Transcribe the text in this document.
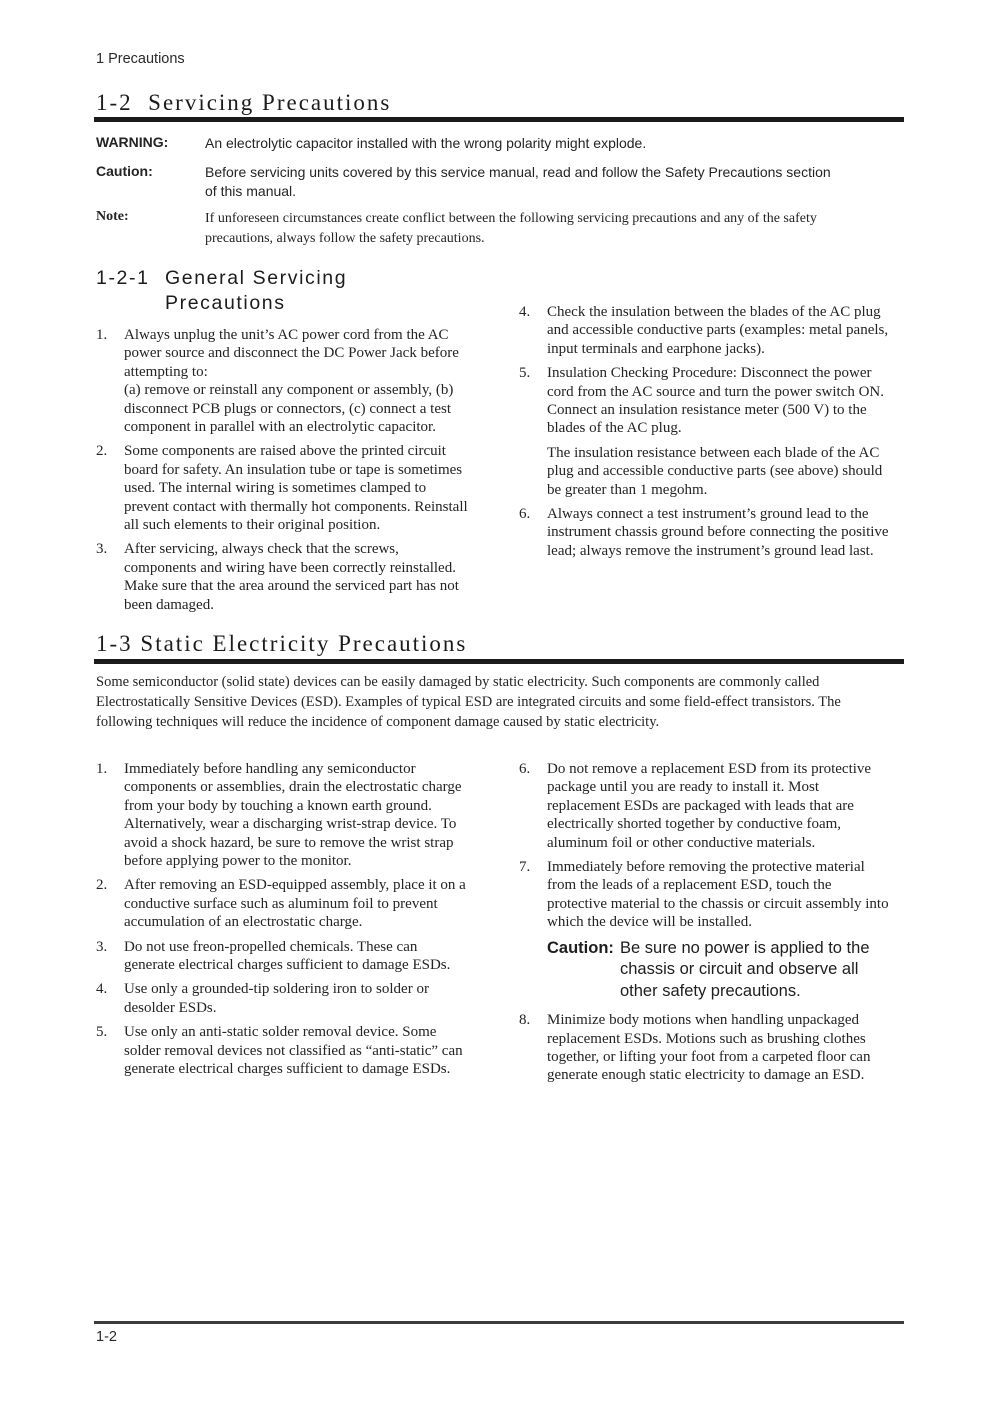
1 Precautions
1-2  Servicing Precautions
WARNING:	An electrolytic capacitor installed with the wrong polarity might explode.
Caution:	Before servicing units covered by this service manual, read and follow the Safety Precautions section
of this manual.
Note:	If unforeseen circumstances create conflict between the following servicing precautions and any of the safety
precautions, always follow the safety precautions.
1-2-1 General Servicing
Precautions
1.	Always unplug the unit’s AC power cord from the AC
power source and disconnect the DC Power Jack before
attempting to:
(a) remove or reinstall any component or assembly, (b)
disconnect PCB plugs or connectors, (c) connect a test
component in parallel with an electrolytic capacitor.
2.	Some components are raised above the printed circuit
board for safety. An insulation tube or tape is sometimes
used. The internal wiring is sometimes clamped to
prevent contact with thermally hot components. Reinstall
all such elements to their original position.
3.	After servicing, always check that the screws,
components and wiring have been correctly reinstalled.
Make sure that the area around the serviced part has not
been damaged.
4.	Check the insulation between the blades of the AC plug
and accessible conductive parts (examples: metal panels,
input terminals and earphone jacks).
5.	Insulation Checking Procedure: Disconnect the power
cord from the AC source and turn the power switch ON.
Connect an insulation resistance meter (500 V) to the
blades of the AC plug.
The insulation resistance between each blade of the AC
plug and accessible conductive parts (see above) should
be greater than 1 megohm.
6.	Always connect a test instrument’s ground lead to the
instrument chassis ground before connecting the positive
lead; always remove the instrument’s ground lead last.
1-3 Static Electricity Precautions
Some semiconductor (solid state) devices can be easily damaged by static electricity. Such components are commonly called
Electrostatically Sensitive Devices (ESD). Examples of typical ESD are integrated circuits and some field-effect transistors. The
following techniques will reduce the incidence of component damage caused by static electricity.
1.	Immediately before handling any semiconductor
components or assemblies, drain the electrostatic charge
from your body by touching a known earth ground.
Alternatively, wear a discharging wrist-strap device. To
avoid a shock hazard, be sure to remove the wrist strap
before applying power to the monitor.
2.	After removing an ESD-equipped assembly, place it on a
conductive surface such as aluminum foil to prevent
accumulation of an electrostatic charge.
3.	Do not use freon-propelled chemicals. These can
generate electrical charges sufficient to damage ESDs.
4.	Use only a grounded-tip soldering iron to solder or
desolder ESDs.
5.	Use only an anti-static solder removal device. Some
solder removal devices not classified as “anti-static” can
generate electrical charges sufficient to damage ESDs.
6.	Do not remove a replacement ESD from its protective
package until you are ready to install it. Most
replacement ESDs are packaged with leads that are
electrically shorted together by conductive foam,
aluminum foil or other conductive materials.
7.	Immediately before removing the protective material
from the leads of a replacement ESD, touch the
protective material to the chassis or circuit assembly into
which the device will be installed.
Caution: Be sure no power is applied to the
chassis or circuit and observe all
other safety precautions.
8.	Minimize body motions when handling unpackaged
replacement ESDs. Motions such as brushing clothes
together, or lifting your foot from a carpeted floor can
generate enough static electricity to damage an ESD.
1-2
